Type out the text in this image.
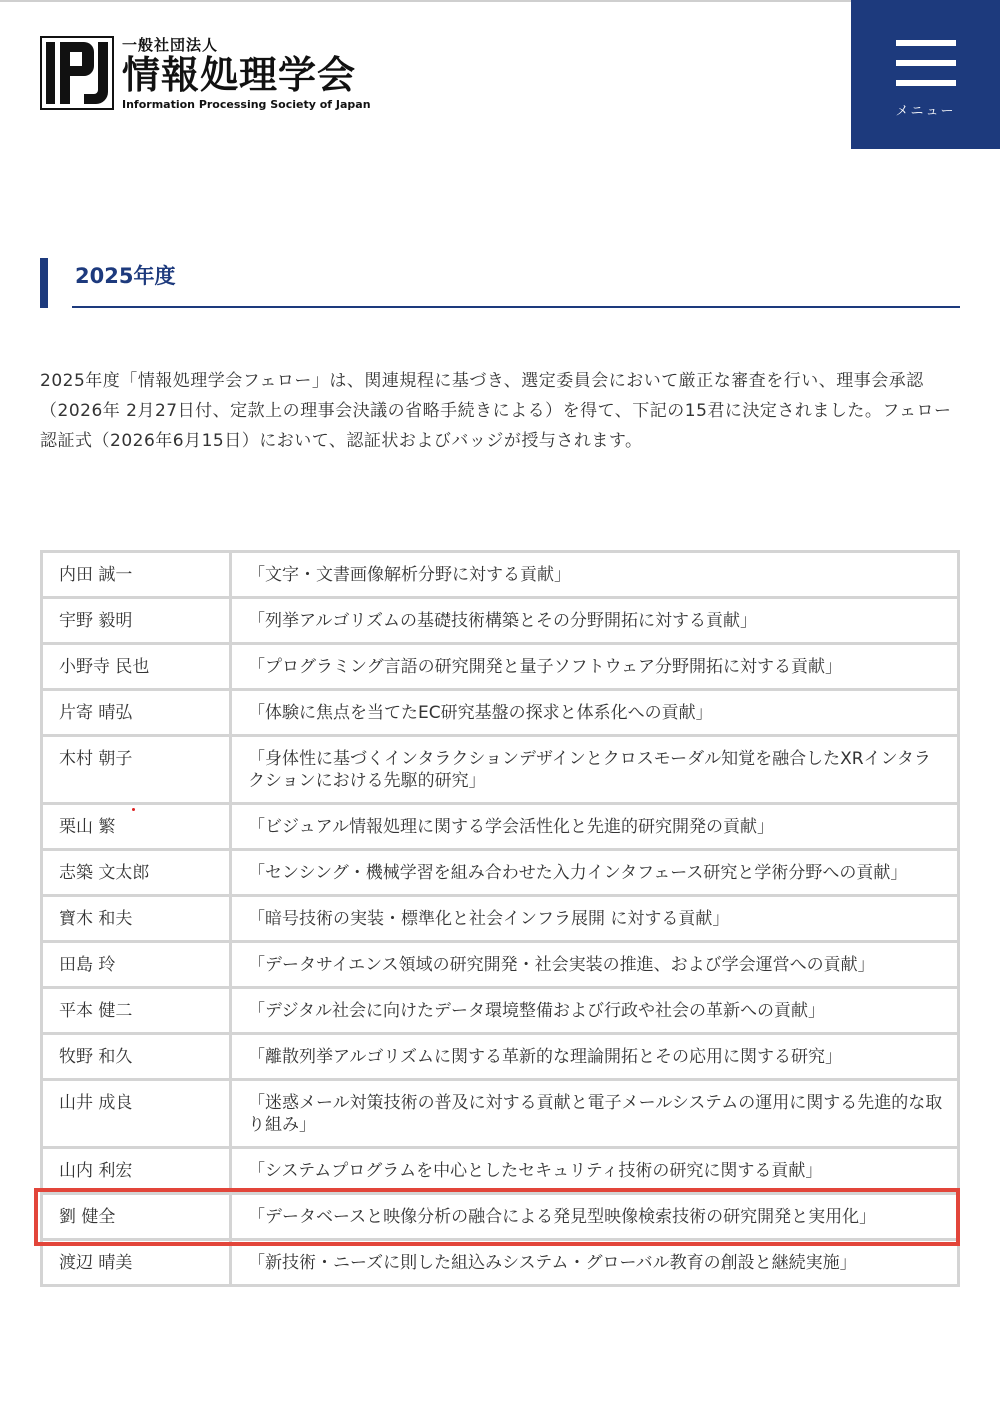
一般社団法人
情報処理学会
Information Processing Society of Japan	メニュー
2025年度
2025年度「情報処理学会フェロー」は、関連規程に基づき、選定委員会において厳正な審査を行い、理事会承認（2026年 2月27日付、定款上の理事会決議の省略手続きによる）を得て、下記の15君に決定されました。フェロー認証式（2026年6月15日）において、認証状およびバッジが授与されます。
内田 誠一	「文字・文書画像解析分野に対する貢献」
宇野 毅明	「列挙アルゴリズムの基礎技術構築とその分野開拓に対する貢献」
小野寺 民也	「プログラミング言語の研究開発と量子ソフトウェア分野開拓に対する貢献」
片寄 晴弘	「体験に焦点を当てたEC研究基盤の探求と体系化への貢献」
木村 朝子	「身体性に基づくインタラクションデザインとクロスモーダル知覚を融合したXRインタラクションにおける先駆的研究」
栗山 繁	「ビジュアル情報処理に関する学会活性化と先進的研究開発の貢献」
志築 文太郎	「センシング・機械学習を組み合わせた入力インタフェース研究と学術分野への貢献」
寶木 和夫	「暗号技術の実装・標準化と社会インフラ展開 に対する貢献」
田島 玲	「データサイエンス領域の研究開発・社会実装の推進、および学会運営への貢献」
平本 健二	「デジタル社会に向けたデータ環境整備および行政や社会の革新への貢献」
牧野 和久	「離散列挙アルゴリズムに関する革新的な理論開拓とその応用に関する研究」
山井 成良	「迷惑メール対策技術の普及に対する貢献と電子メールシステムの運用に関する先進的な取り組み」
山内 利宏	「システムプログラムを中心としたセキュリティ技術の研究に関する貢献」
劉 健全	「データベースと映像分析の融合による発見型映像検索技術の研究開発と実用化」
渡辺 晴美	「新技術・ニーズに則した組込みシステム・グローバル教育の創設と継続実施」
